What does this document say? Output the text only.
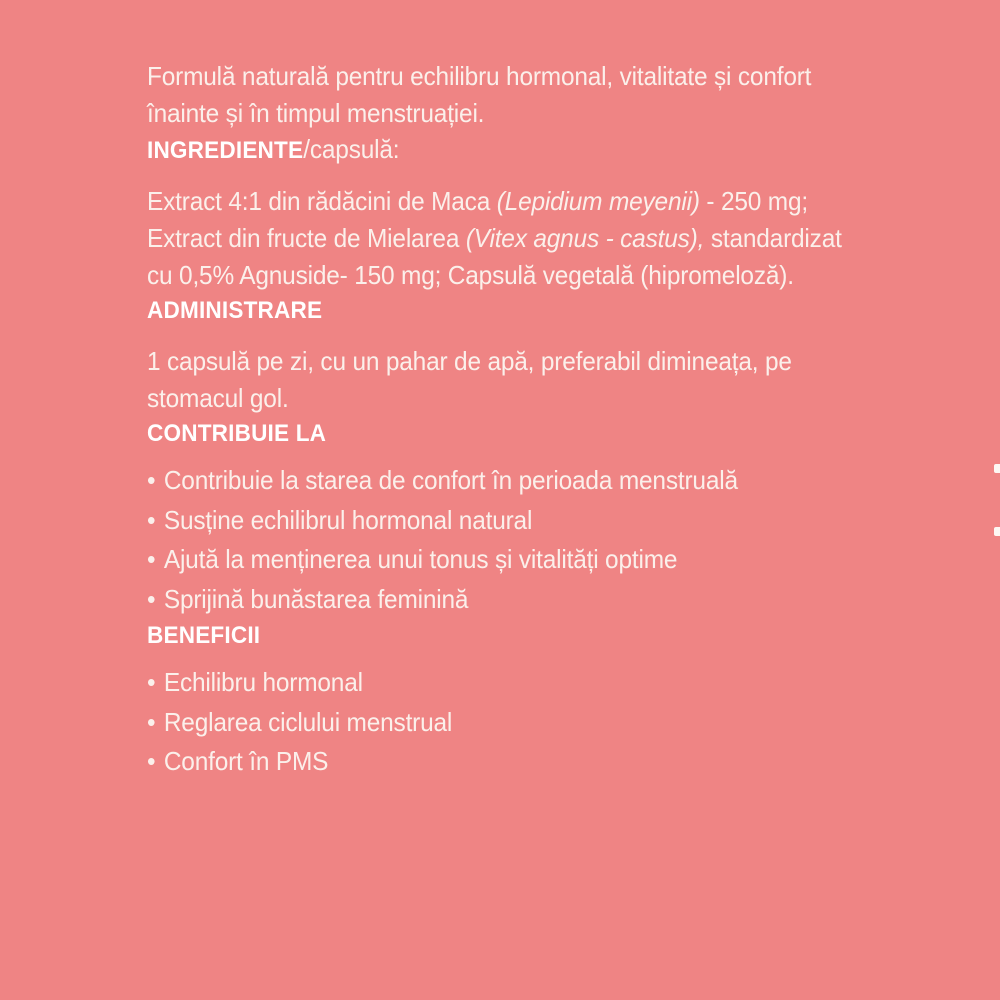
Formulă naturală pentru echilibru hormonal, vitalitate și confort înainte și în timpul menstruației.

INGREDIENTE/capsulă:

Extract 4:1 din rădăcini de Maca (Lepidium meyenii) - 250 mg; Extract din fructe de Mielarea (Vitex agnus - castus), standardizat cu 0,5% Agnuside- 150 mg; Capsulă vegetală (hipromeloză).

ADMINISTRARE

1 capsulă pe zi, cu un pahar de apă, preferabil dimineața, pe stomacul gol.

CONTRIBUIE LA
• Contribuie la starea de confort în perioada menstruală
• Susține echilibrul hormonal natural
• Ajută la menținerea unui tonus și vitalități optime
• Sprijină bunăstarea feminină
BENEFICII
• Echilibru hormonal
• Reglarea ciclului menstrual
• Confort în PMS
